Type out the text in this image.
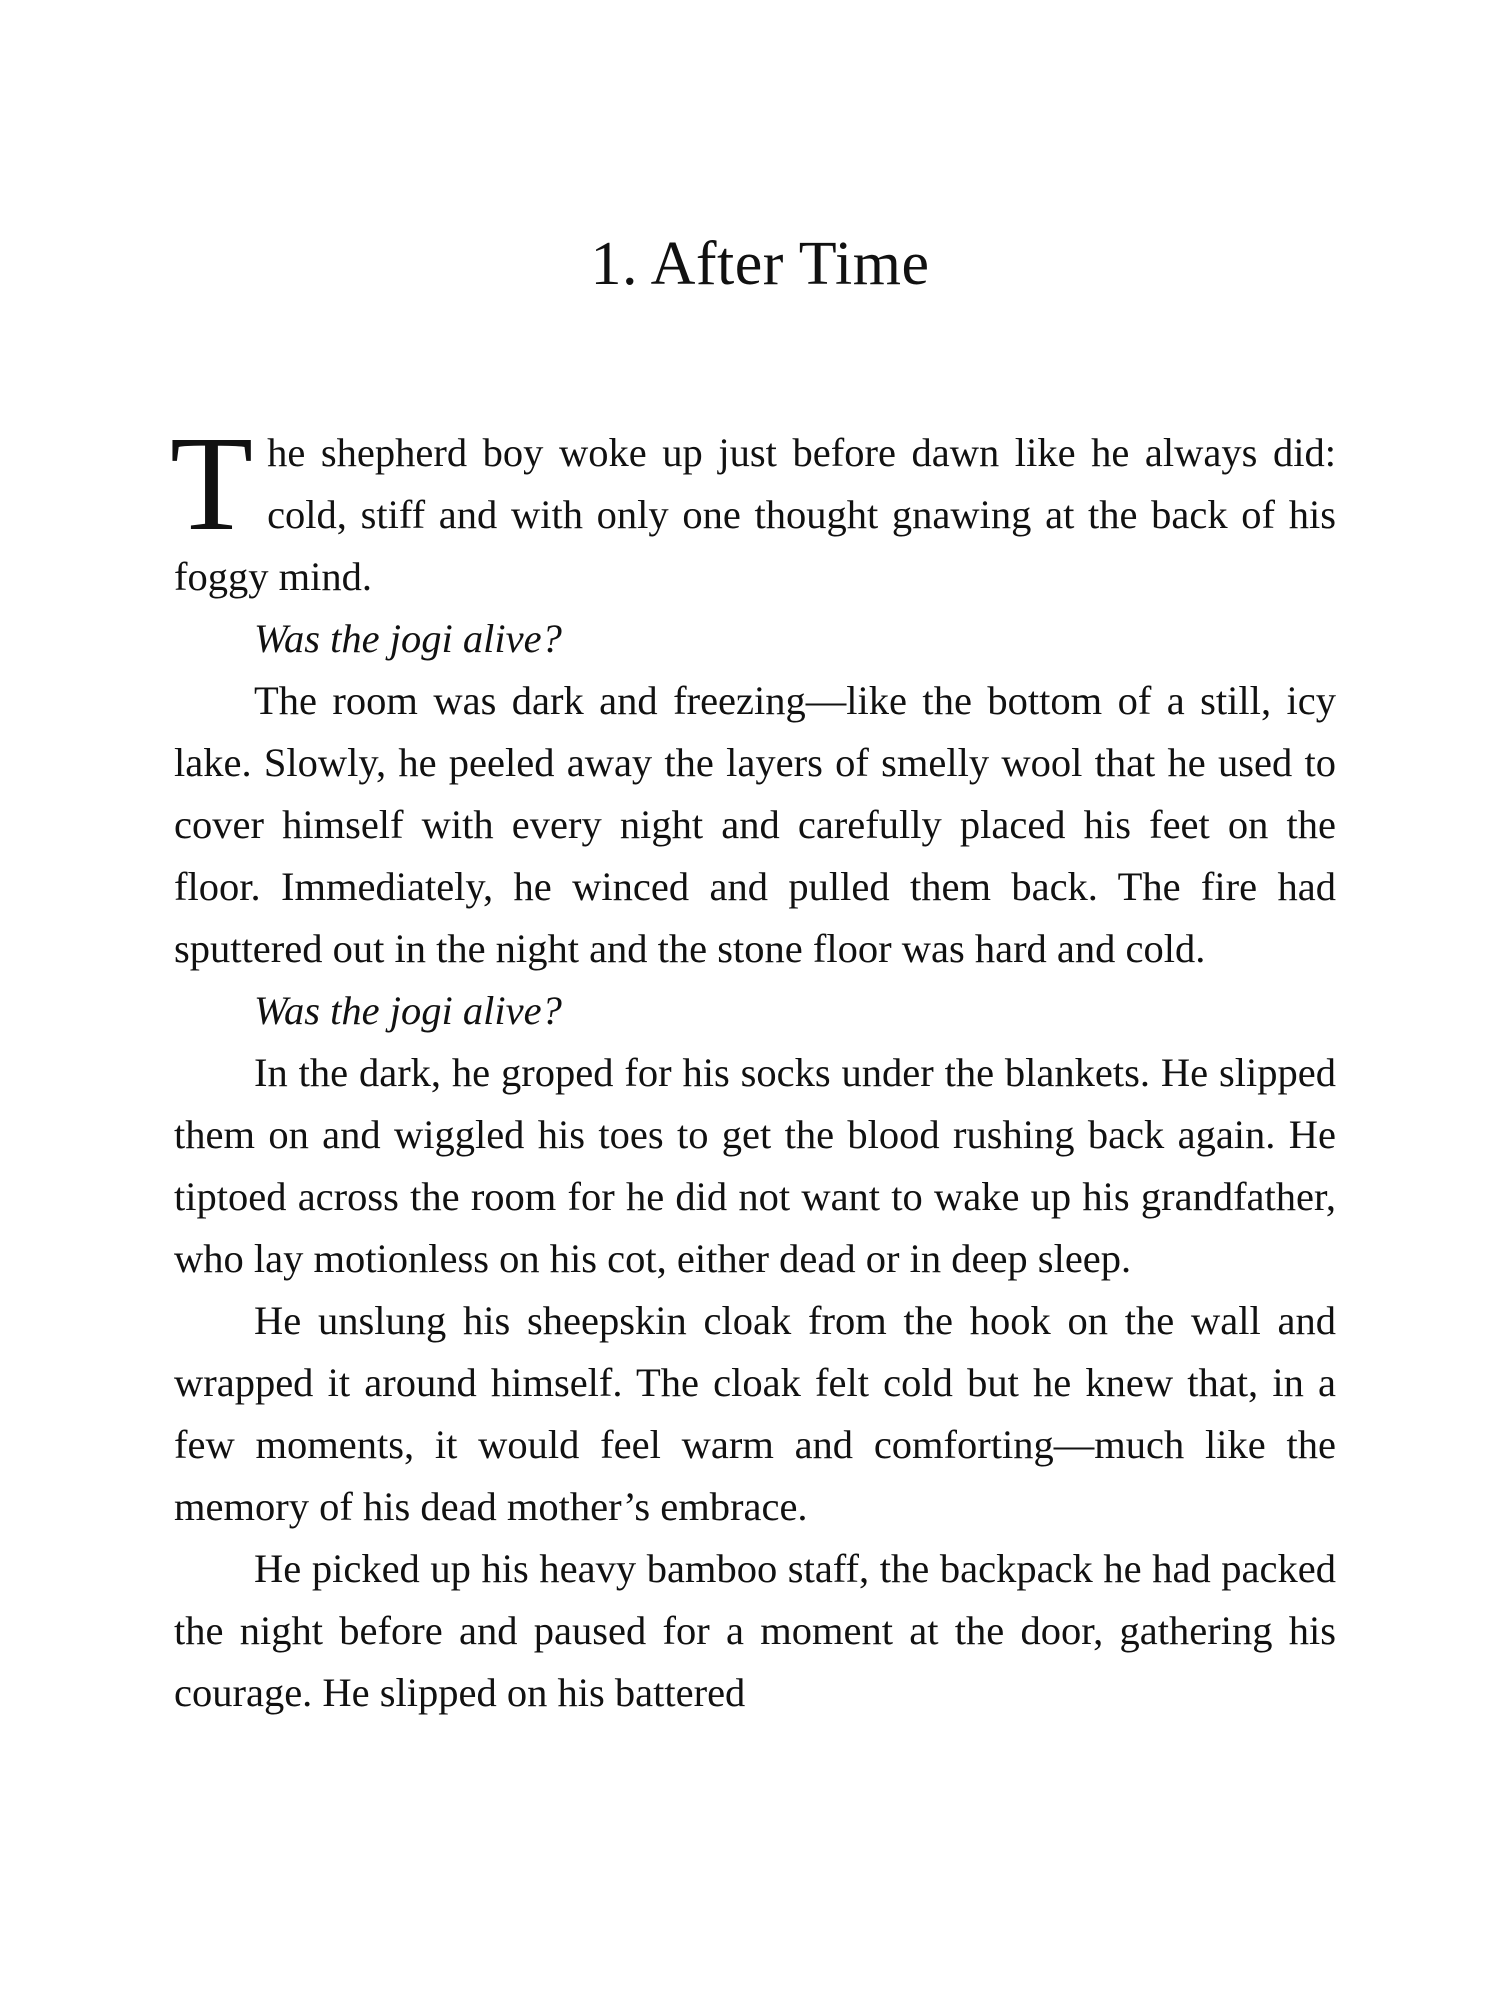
1. After Time

The shepherd boy woke up just before dawn like he always did: cold, stiff and with only one thought gnawing at the back of his foggy mind.

Was the jogi alive?

The room was dark and freezing—like the bottom of a still, icy lake. Slowly, he peeled away the layers of smelly wool that he used to cover himself with every night and carefully placed his feet on the floor. Immediately, he winced and pulled them back. The fire had sputtered out in the night and the stone floor was hard and cold.

Was the jogi alive?

In the dark, he groped for his socks under the blankets. He slipped them on and wiggled his toes to get the blood rushing back again. He tiptoed across the room for he did not want to wake up his grandfather, who lay motionless on his cot, either dead or in deep sleep.

He unslung his sheepskin cloak from the hook on the wall and wrapped it around himself. The cloak felt cold but he knew that, in a few moments, it would feel warm and comforting—much like the memory of his dead mother’s embrace.

He picked up his heavy bamboo staff, the backpack he had packed the night before and paused for a moment at the door, gathering his courage. He slipped on his battered
